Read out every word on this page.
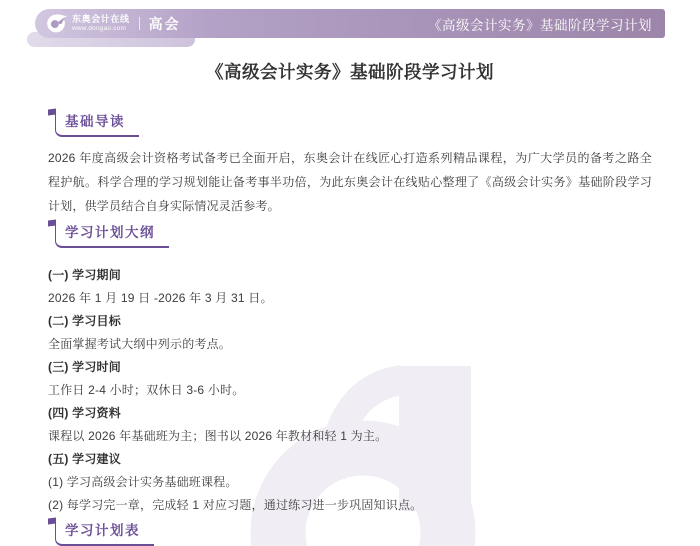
东奥会计在线
www.dongao.com 高会	《高级会计实务》基础阶段学习计划
《高级会计实务》基础阶段学习计划
基础导读

2026 年度高级会计资格考试备考已全面开启，东奥会计在线匠心打造系列精品课程，为广大学员的备考之路全程护航。科学合理的学习规划能让备考事半功倍，为此东奥会计在线贴心整理了《高级会计实务》基础阶段学习计划，供学员结合自身实际情况灵活参考。

学习计划大纲

(一) 学习期间

2026 年 1 月 19 日 -2026 年 3 月 31 日。

(二) 学习目标

全面掌握考试大纲中列示的考点。

(三) 学习时间

工作日 2-4 小时；双休日 3-6 小时。

(四) 学习资料

课程以 2026 年基础班为主；图书以 2026 年教材和轻 1 为主。

(五) 学习建议

(1) 学习高级会计实务基础班课程。

(2) 每学习完一章，完成轻 1 对应习题，通过练习进一步巩固知识点。

学习计划表
